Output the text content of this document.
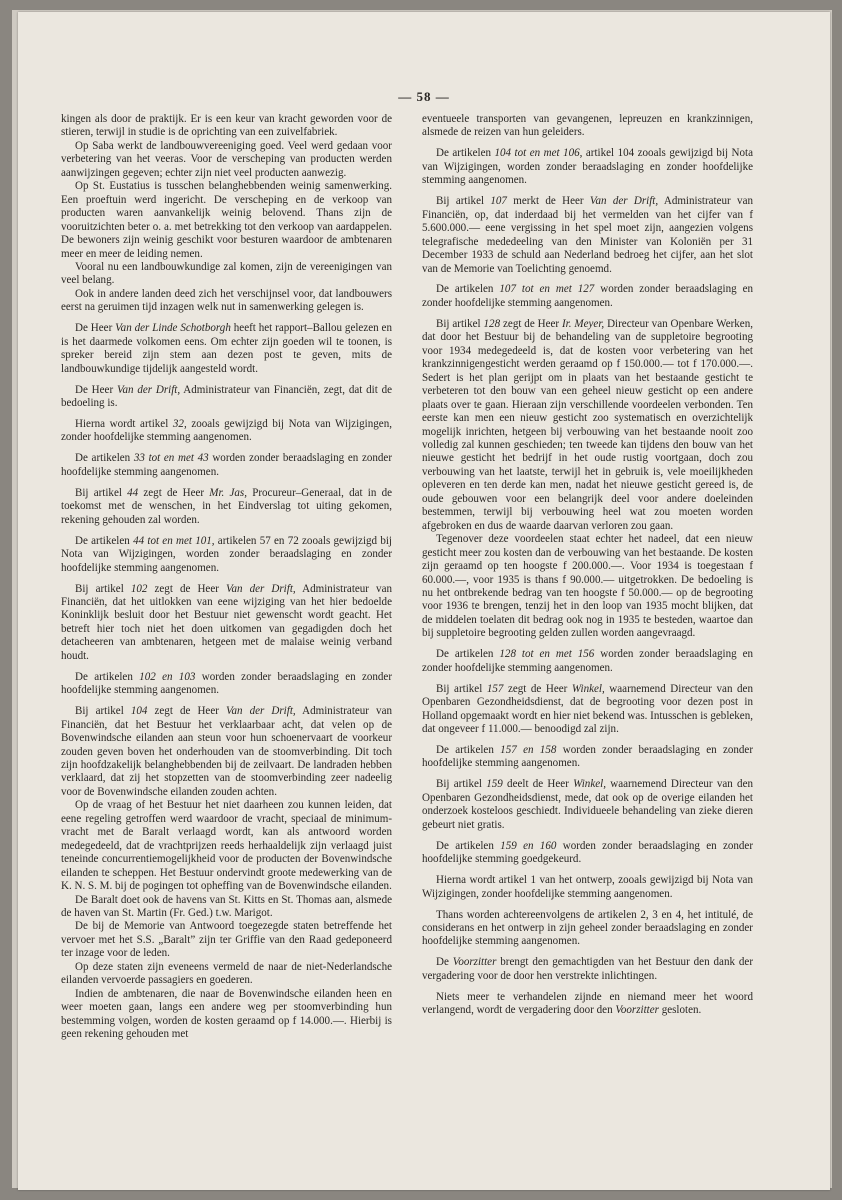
— 58 —

kingen als door de praktijk. Er is een keur van kracht geworden voor de stieren, terwijl in studie is de oprichting van een zuivelfabriek.

Op Saba werkt de landbouwvereeniging goed. Veel werd gedaan voor verbetering van het veeras. Voor de verscheping van producten werden aanwijzingen gegeven; echter zijn niet veel producten aanwezig.

Op St. Eustatius is tusschen belanghebbenden weinig samenwerking. Een proeftuin werd ingericht. De verscheping en de verkoop van producten waren aanvankelijk weinig belovend. Thans zijn de vooruitzichten beter o. a. met betrekking tot den verkoop van aardappelen. De bewoners zijn weinig geschikt voor besturen waardoor de ambtenaren meer en meer de leiding nemen.

Vooral nu een landbouwkundige zal komen, zijn de vereenigingen van veel belang.

Ook in andere landen deed zich het verschijnsel voor, dat landbouwers eerst na geruimen tijd inzagen welk nut in samenwerking gelegen is.

De Heer Van der Linde Schotborgh heeft het rapport–Ballou gelezen en is het daarmede volkomen eens. Om echter zijn goeden wil te toonen, is spreker bereid zijn stem aan dezen post te geven, mits de landbouwkundige tijdelijk aangesteld wordt.

De Heer Van der Drift, Administrateur van Financiën, zegt, dat dit de bedoeling is.

Hierna wordt artikel 32, zooals gewijzigd bij Nota van Wijzigingen, zonder hoofdelijke stemming aangenomen.

De artikelen 33 tot en met 43 worden zonder beraadslaging en zonder hoofdelijke stemming aangenomen.

Bij artikel 44 zegt de Heer Mr. Jas, Procureur–Generaal, dat in de toekomst met de wenschen, in het Eindverslag tot uiting gekomen, rekening gehouden zal worden.

De artikelen 44 tot en met 101, artikelen 57 en 72 zooals gewijzigd bij Nota van Wijzigingen, worden zonder beraadslaging en zonder hoofdelijke stemming aangenomen.

Bij artikel 102 zegt de Heer Van der Drift, Administrateur van Financiën, dat het uitlokken van eene wijziging van het hier bedoelde Koninklijk besluit door het Bestuur niet gewenscht wordt geacht. Het betreft hier toch niet het doen uitkomen van gegadigden doch het detacheeren van ambtenaren, hetgeen met de malaise weinig verband houdt.

De artikelen 102 en 103 worden zonder beraadslaging en zonder hoofdelijke stemming aangenomen.

Bij artikel 104 zegt de Heer Van der Drift, Administrateur van Financiën, dat het Bestuur het verklaarbaar acht, dat velen op de Bovenwindsche eilanden aan steun voor hun schoenervaart de voorkeur zouden geven boven het onderhouden van de stoomverbinding. Dit toch zijn hoofdzakelijk belanghebbenden bij de zeilvaart. De landraden hebben verklaard, dat zij het stopzetten van de stoomverbinding zeer nadeelig voor de Bovenwindsche eilanden zouden achten.

Op de vraag of het Bestuur het niet daarheen zou kunnen leiden, dat eene regeling getroffen werd waardoor de vracht, speciaal de minimum-vracht met de Baralt verlaagd wordt, kan als antwoord worden medegedeeld, dat de vrachtprijzen reeds herhaaldelijk zijn verlaagd juist teneinde concurrentiemogelijkheid voor de producten der Bovenwindsche eilanden te scheppen. Het Bestuur ondervindt groote medewerking van de K. N. S. M. bij de pogingen tot opheffing van de Bovenwindsche eilanden.

De Baralt doet ook de havens van St. Kitts en St. Thomas aan, alsmede de haven van St. Martin (Fr. Ged.) t.w. Marigot.

De bij de Memorie van Antwoord toegezegde staten betreffende het vervoer met het S.S. „Baralt” zijn ter Griffie van den Raad gedeponeerd ter inzage voor de leden.

Op deze staten zijn eveneens vermeld de naar de niet-Nederlandsche eilanden vervoerde passagiers en goederen.

Indien de ambtenaren, die naar de Bovenwindsche eilanden heen en weer moeten gaan, langs een andere weg per stoomverbinding hun bestemming volgen, worden de kosten geraamd op f 14.000.—. Hierbij is geen rekening gehouden met

eventueele transporten van gevangenen, lepreuzen en krankzinnigen, alsmede de reizen van hun geleiders.

De artikelen 104 tot en met 106, artikel 104 zooals gewijzigd bij Nota van Wijzigingen, worden zonder beraadslaging en zonder hoofdelijke stemming aangenomen.

Bij artikel 107 merkt de Heer Van der Drift, Administrateur van Financiën, op, dat inderdaad bij het vermelden van het cijfer van f 5.600.000.— eene vergissing in het spel moet zijn, aangezien volgens telegrafische mededeeling van den Minister van Koloniën per 31 December 1933 de schuld aan Nederland bedroeg het cijfer, aan het slot van de Memorie van Toelichting genoemd.

De artikelen 107 tot en met 127 worden zonder beraadslaging en zonder hoofdelijke stemming aangenomen.

Bij artikel 128 zegt de Heer Ir. Meyer, Directeur van Openbare Werken, dat door het Bestuur bij de behandeling van de suppletoire begrooting voor 1934 medegedeeld is, dat de kosten voor verbetering van het krankzinnigengesticht werden geraamd op f 150.000.— tot f 170.000.—. Sedert is het plan gerijpt om in plaats van het bestaande gesticht te verbeteren tot den bouw van een geheel nieuw gesticht op een andere plaats over te gaan. Hieraan zijn verschillende voordeelen verbonden. Ten eerste kan men een nieuw gesticht zoo systematisch en overzichtelijk mogelijk inrichten, hetgeen bij verbouwing van het bestaande nooit zoo volledig zal kunnen geschieden; ten tweede kan tijdens den bouw van het nieuwe gesticht het bedrijf in het oude rustig voortgaan, doch zou verbouwing van het laatste, terwijl het in gebruik is, vele moeilijkheden opleveren en ten derde kan men, nadat het nieuwe gesticht gereed is, de oude gebouwen voor een belangrijk deel voor andere doeleinden bestemmen, terwijl bij verbouwing heel wat zou moeten worden afgebroken en dus de waarde daarvan verloren zou gaan.

Tegenover deze voordeelen staat echter het nadeel, dat een nieuw gesticht meer zou kosten dan de verbouwing van het bestaande. De kosten zijn geraamd op ten hoogste f 200.000.—. Voor 1934 is toegestaan f 60.000.—, voor 1935 is thans f 90.000.— uitgetrokken. De bedoeling is nu het ontbrekende bedrag van ten hoogste f 50.000.— op de begrooting voor 1936 te brengen, tenzij het in den loop van 1935 mocht blijken, dat de middelen toelaten dit bedrag ook nog in 1935 te besteden, waartoe dan bij suppletoire begrooting gelden zullen worden aangevraagd.

De artikelen 128 tot en met 156 worden zonder beraadslaging en zonder hoofdelijke stemming aangenomen.

Bij artikel 157 zegt de Heer Winkel, waarnemend Directeur van den Openbaren Gezondheidsdienst, dat de begrooting voor dezen post in Holland opgemaakt wordt en hier niet bekend was. Intusschen is gebleken, dat ongeveer f 11.000.— benoodigd zal zijn.

De artikelen 157 en 158 worden zonder beraadslaging en zonder hoofdelijke stemming aangenomen.

Bij artikel 159 deelt de Heer Winkel, waarnemend Directeur van den Openbaren Gezondheidsdienst, mede, dat ook op de overige eilanden het onderzoek kosteloos geschiedt. Individueele behandeling van zieke dieren gebeurt niet gratis.

De artikelen 159 en 160 worden zonder beraadslaging en zonder hoofdelijke stemming goedgekeurd.

Hierna wordt artikel 1 van het ontwerp, zooals gewijzigd bij Nota van Wijzigingen, zonder hoofdelijke stemming aangenomen.

Thans worden achtereenvolgens de artikelen 2, 3 en 4, het intitulé, de considerans en het ontwerp in zijn geheel zonder beraadslaging en zonder hoofdelijke stemming aangenomen.

De Voorzitter brengt den gemachtigden van het Bestuur den dank der vergadering voor de door hen verstrekte inlichtingen.

Niets meer te verhandelen zijnde en niemand meer het woord verlangend, wordt de vergadering door den Voorzitter gesloten.
